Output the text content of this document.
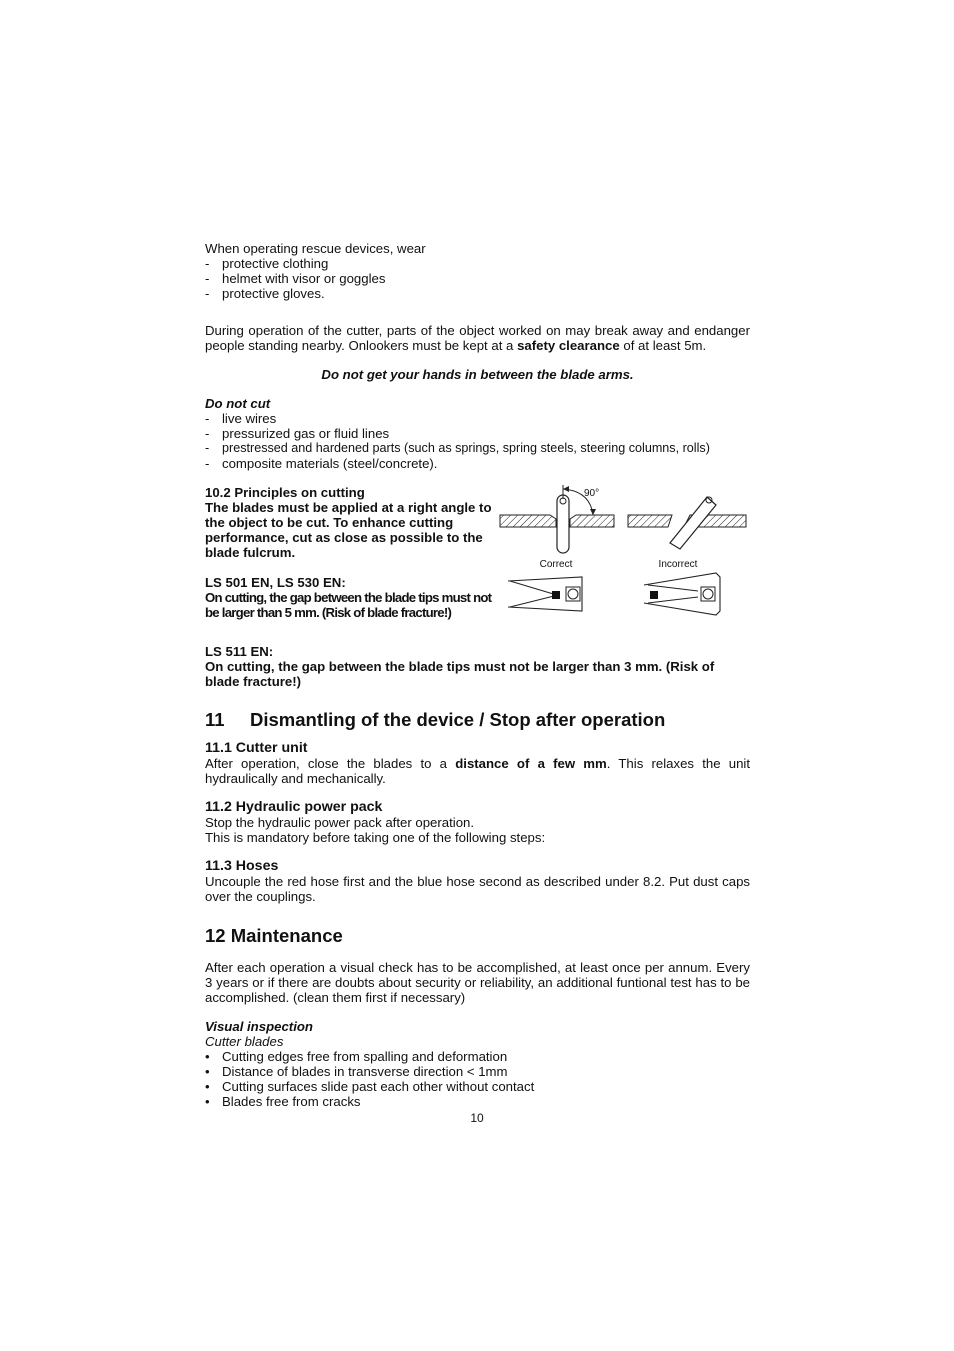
When operating rescue devices, wear

- protective clothing
- helmet with visor or goggles
- protective gloves.

During operation of the cutter, parts of the object worked on may break away and endanger people standing nearby. Onlookers must be kept at a safety clearance of at least 5m.

Do not get your hands in between the blade arms.

Do not cut

- live wires
- pressurized gas or fluid lines
- prestressed and hardened parts (such as springs, spring steels, steering columns, rolls)
- composite materials (steel/concrete).

10.2 Principles on cutting

The blades must be applied at a right angle to the object to be cut. To enhance cutting performance, cut as close as possible to the blade fulcrum.

LS 501 EN, LS 530 EN:

On cutting, the gap between the blade tips must not be larger than 5 mm. (Risk of blade fracture!)

90°
Correct	Incorrect

LS 511 EN:

On cutting, the gap between the blade tips must not be larger than 3 mm. (Risk of blade fracture!)

11 Dismantling of the device / Stop after operation
11.1 Cutter unit

After operation, close the blades to a distance of a few mm. This relaxes the unit hydraulically and mechanically.

11.2 Hydraulic power pack

Stop the hydraulic power pack after operation.

This is mandatory before taking one of the following steps:

11.3 Hoses

Uncouple the red hose first and the blue hose second as described under 8.2. Put dust caps over the couplings.

12 Maintenance

After each operation a visual check has to be accomplished, at least once per annum. Every 3 years or if there are doubts about security or reliability, an additional funtional test has to be accomplished. (clean them first if necessary)

Visual inspection

Cutter blades

• Cutting edges free from spalling and deformation
• Distance of blades in transverse direction < 1mm
• Cutting surfaces slide past each other without contact
• Blades free from cracks
10
